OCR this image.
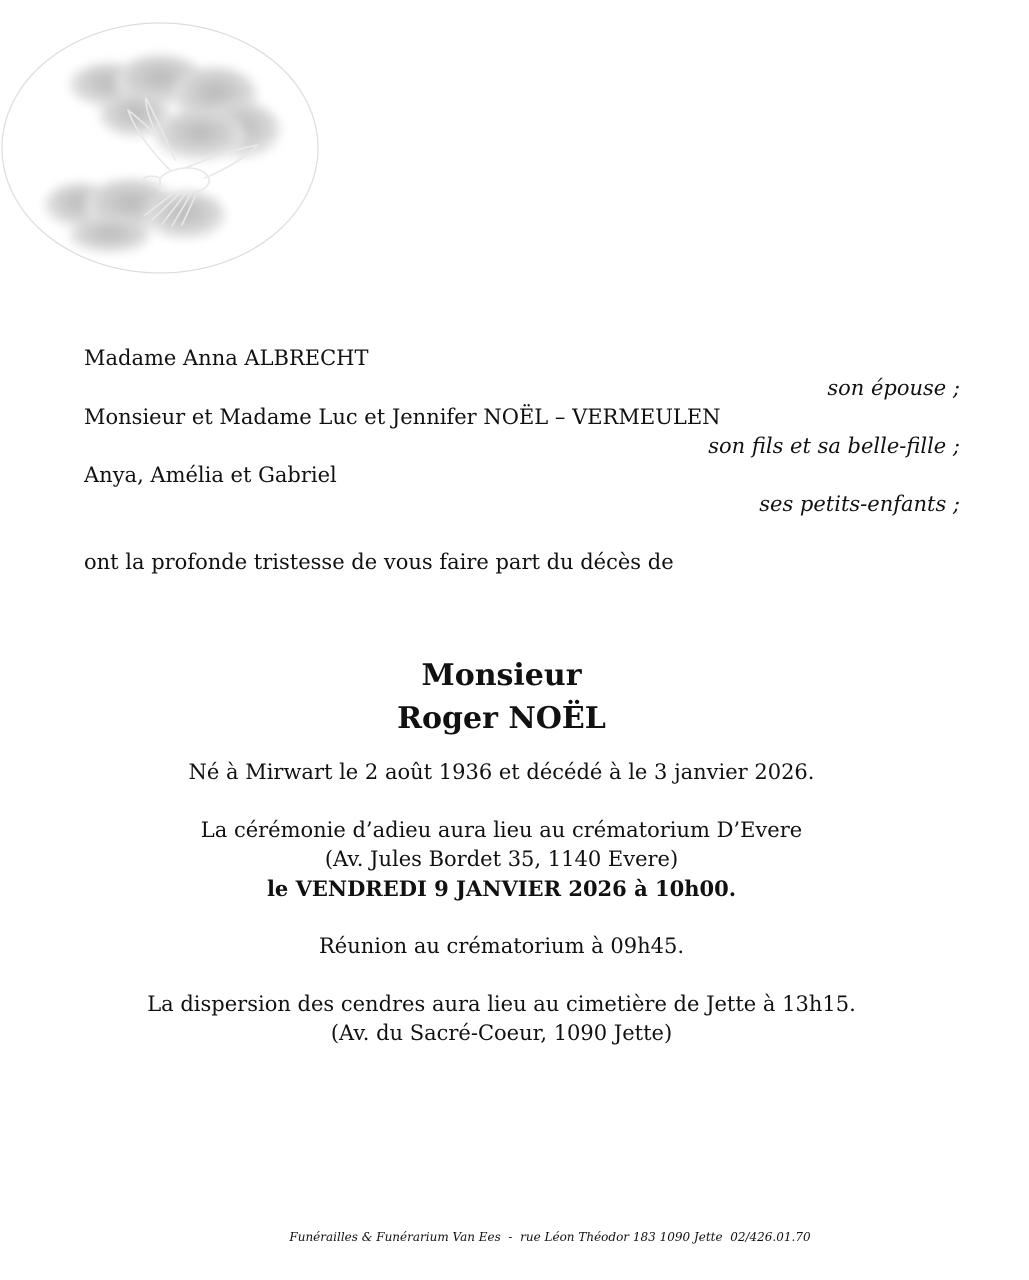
Madame Anna ALBRECHT
son épouse ;
Monsieur et Madame Luc et Jennifer NOËL – VERMEULEN
son fils et sa belle-fille ;
Anya, Amélia et Gabriel
ses petits-enfants ;
ont la profonde tristesse de vous faire part du décès de
Monsieur
Roger NOËL
Né à Mirwart le 2 août 1936 et décédé à le 3 janvier 2026.
La cérémonie d’adieu aura lieu au crématorium D’Evere
(Av. Jules Bordet 35, 1140 Evere)
le VENDREDI 9 JANVIER 2026 à 10h00.
Réunion au crématorium à 09h45.
La dispersion des cendres aura lieu au cimetière de Jette à 13h15.
(Av. du Sacré-Coeur, 1090 Jette)
Funérailles & Funérarium Van Ees  -  rue Léon Théodor 183 1090 Jette  02/426.01.70
